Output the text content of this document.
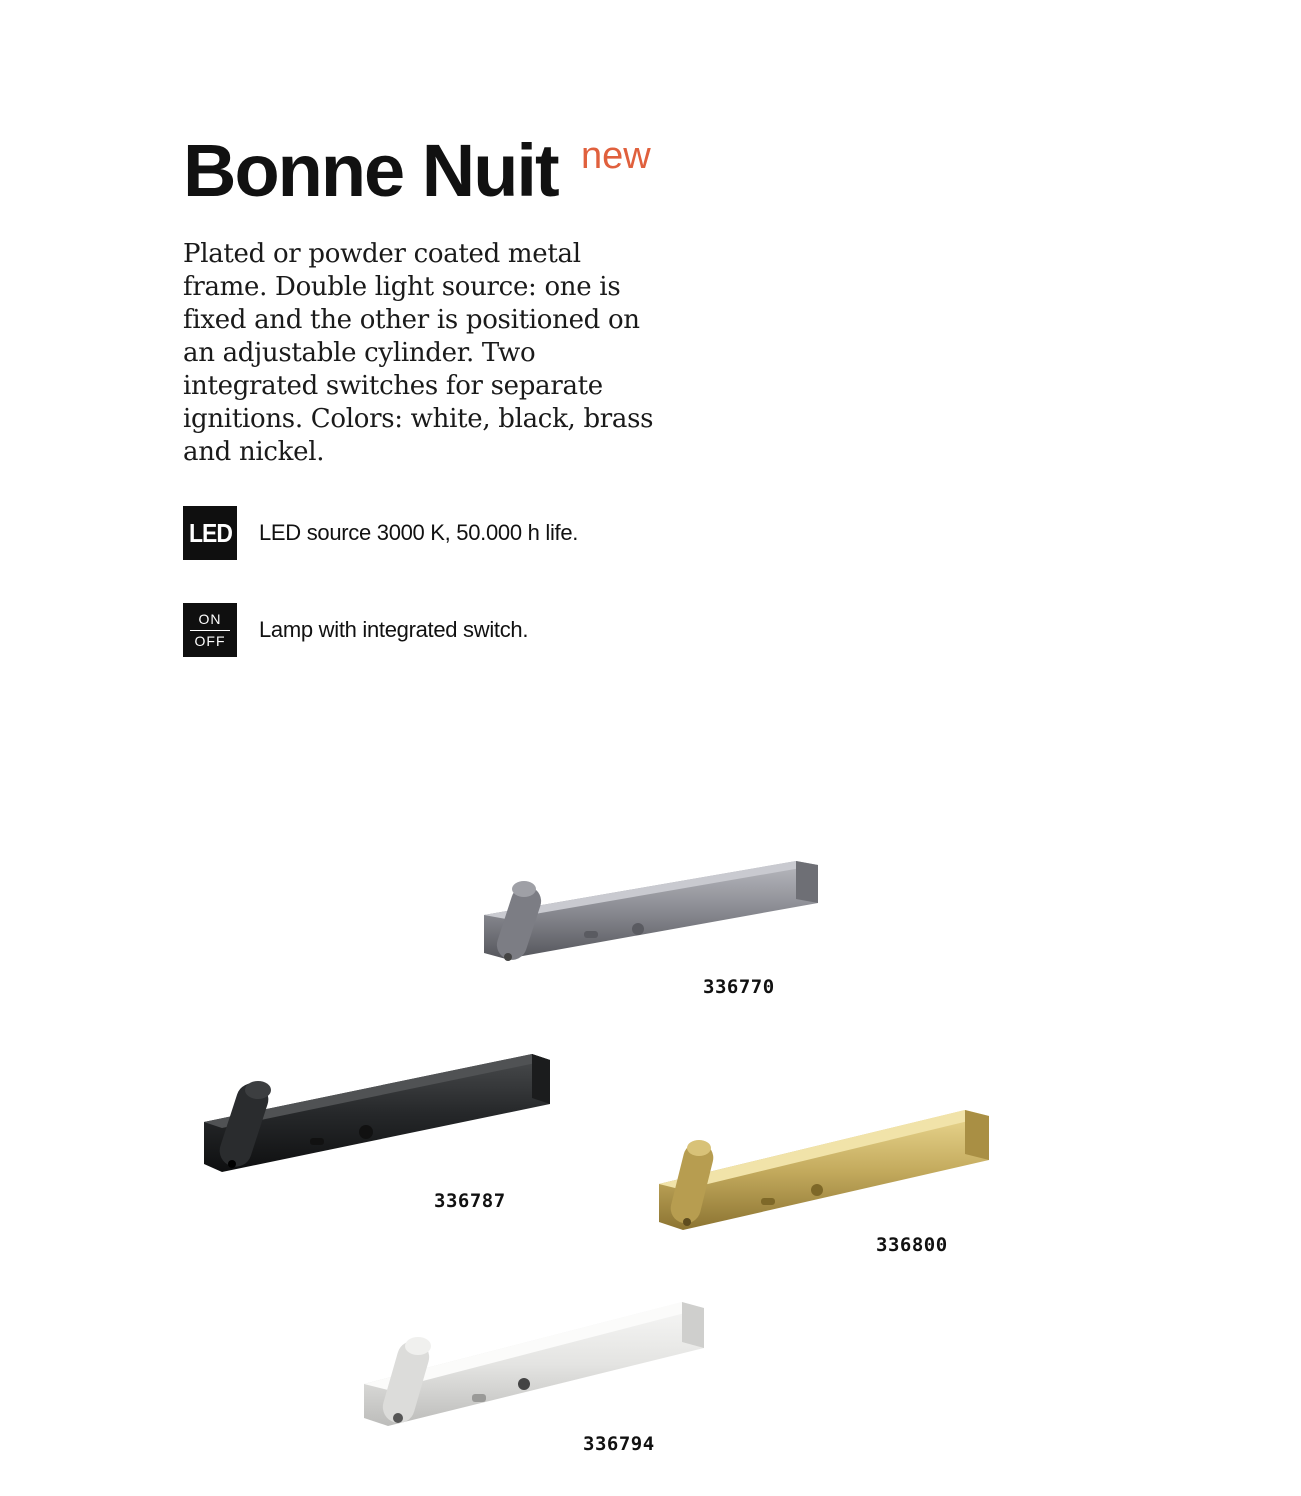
Bonne Nuit new
Plated or powder coated metal frame. Double light source: one is fixed and the other is positioned on an adjustable cylinder. Two integrated switches for separate ignitions. Colors: white, black, brass and nickel.
LED LED source 3000 K, 50.000 h life.
ON
OFF Lamp with integrated switch.
336770
336787
336800
336794
